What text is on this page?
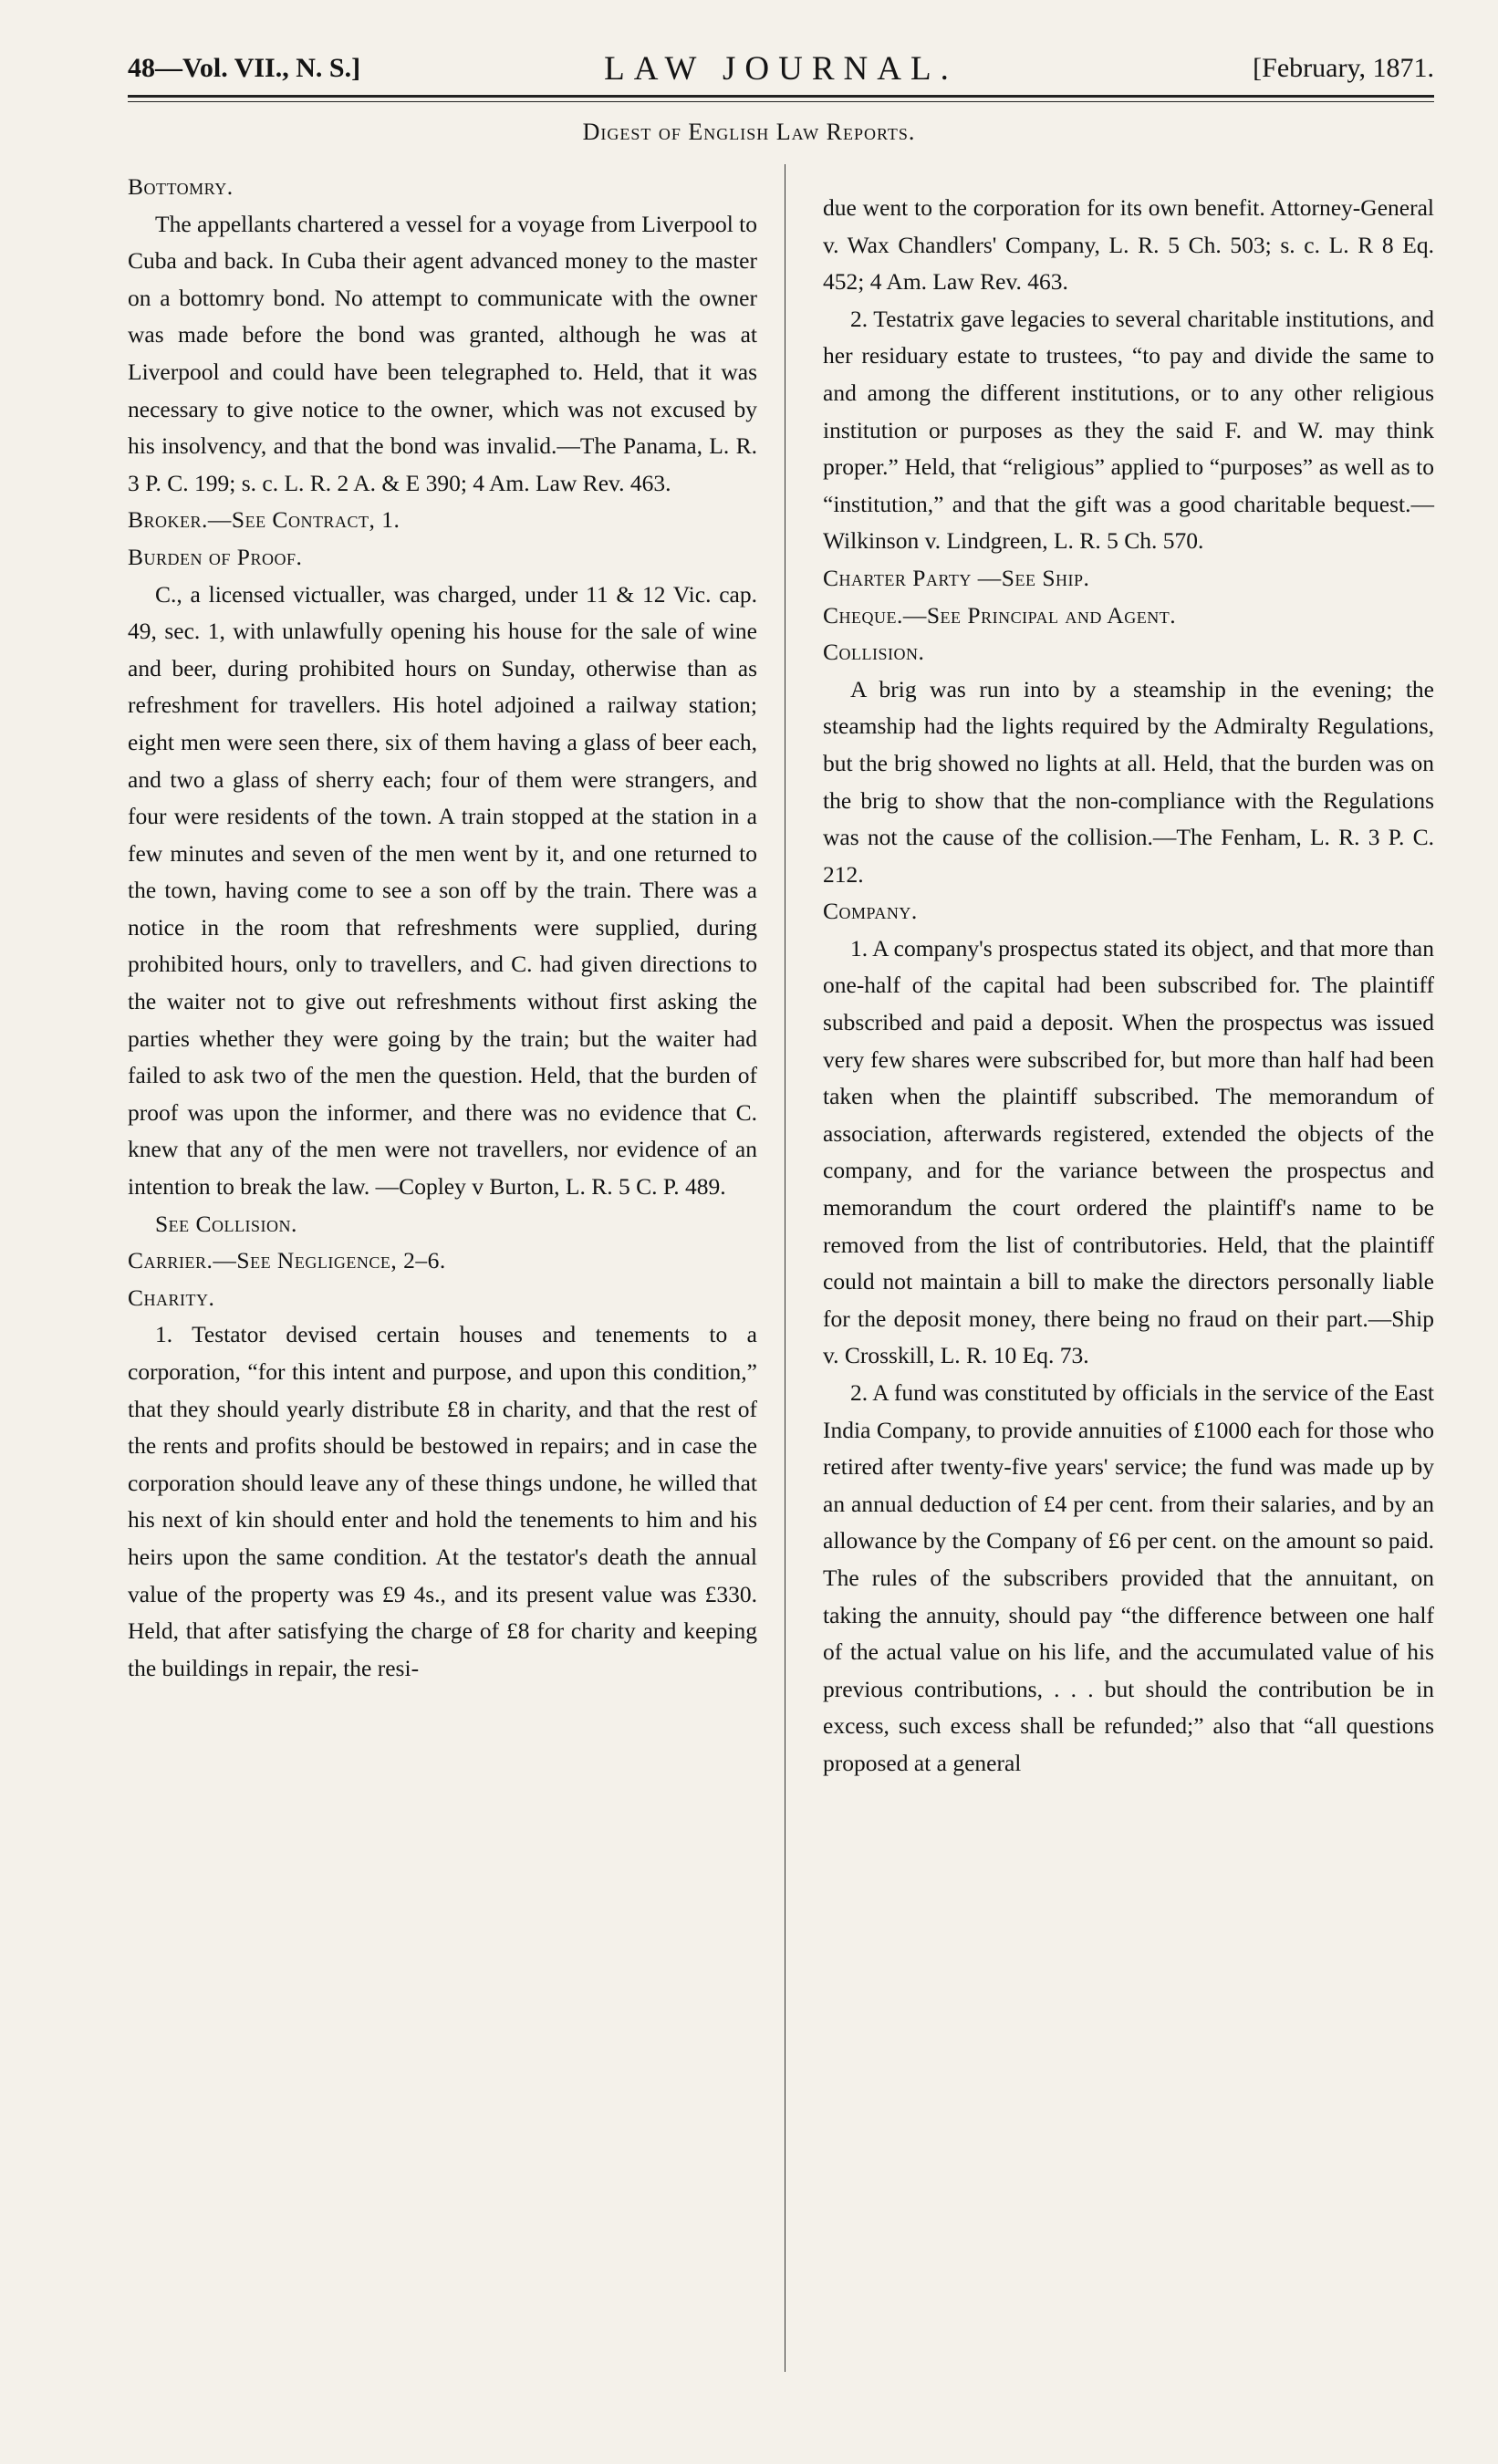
48—Vol. VII., N. S.]	LAW JOURNAL.	[February, 1871.
Digest of English Law Reports.

Bottomry.

The appellants chartered a vessel for a voyage from Liverpool to Cuba and back. In Cuba their agent advanced money to the master on a bottomry bond. No attempt to communicate with the owner was made before the bond was granted, although he was at Liverpool and could have been telegraphed to. Held, that it was necessary to give notice to the owner, which was not excused by his insolvency, and that the bond was invalid.—The Panama, L. R. 3 P. C. 199; s. c. L. R. 2 A. & E 390; 4 Am. Law Rev. 463.

Broker.—See Contract, 1.

Burden of Proof.

C., a licensed victualler, was charged, under 11 & 12 Vic. cap. 49, sec. 1, with unlawfully opening his house for the sale of wine and beer, during prohibited hours on Sunday, otherwise than as refreshment for travellers. His hotel adjoined a railway station; eight men were seen there, six of them having a glass of beer each, and two a glass of sherry each; four of them were strangers, and four were residents of the town. A train stopped at the station in a few minutes and seven of the men went by it, and one returned to the town, having come to see a son off by the train. There was a notice in the room that refreshments were supplied, during prohibited hours, only to travellers, and C. had given directions to the waiter not to give out refreshments without first asking the parties whether they were going by the train; but the waiter had failed to ask two of the men the question. Held, that the burden of proof was upon the informer, and there was no evidence that C. knew that any of the men were not travellers, nor evidence of an intention to break the law. —Copley v Burton, L. R. 5 C. P. 489.

See Collision.

Carrier.—See Negligence, 2–6.

Charity.

1. Testator devised certain houses and tenements to a corporation, “for this intent and purpose, and upon this condition,” that they should yearly distribute £8 in charity, and that the rest of the rents and profits should be bestowed in repairs; and in case the corporation should leave any of these things undone, he willed that his next of kin should enter and hold the tenements to him and his heirs upon the same condition. At the testator's death the annual value of the property was £9 4s., and its present value was £330. Held, that after satisfying the charge of £8 for charity and keeping the buildings in repair, the resi-

due went to the corporation for its own benefit. Attorney-General v. Wax Chandlers' Company, L. R. 5 Ch. 503; s. c. L. R 8 Eq. 452; 4 Am. Law Rev. 463.

2. Testatrix gave legacies to several charitable institutions, and her residuary estate to trustees, “to pay and divide the same to and among the different institutions, or to any other religious institution or purposes as they the said F. and W. may think proper.” Held, that “religious” applied to “purposes” as well as to “institution,” and that the gift was a good charitable bequest.—Wilkinson v. Lindgreen, L. R. 5 Ch. 570.

Charter Party —See Ship.

Cheque.—See Principal and Agent.

Collision.

A brig was run into by a steamship in the evening; the steamship had the lights required by the Admiralty Regulations, but the brig showed no lights at all. Held, that the burden was on the brig to show that the non-compliance with the Regulations was not the cause of the collision.—The Fenham, L. R. 3 P. C. 212.

Company.

1. A company's prospectus stated its object, and that more than one-half of the capital had been subscribed for. The plaintiff subscribed and paid a deposit. When the prospectus was issued very few shares were subscribed for, but more than half had been taken when the plaintiff subscribed. The memorandum of association, afterwards registered, extended the objects of the company, and for the variance between the prospectus and memorandum the court ordered the plaintiff's name to be removed from the list of contributories. Held, that the plaintiff could not maintain a bill to make the directors personally liable for the deposit money, there being no fraud on their part.—Ship v. Crosskill, L. R. 10 Eq. 73.

2. A fund was constituted by officials in the service of the East India Company, to provide annuities of £1000 each for those who retired after twenty-five years' service; the fund was made up by an annual deduction of £4 per cent. from their salaries, and by an allowance by the Company of £6 per cent. on the amount so paid. The rules of the subscribers provided that the annuitant, on taking the annuity, should pay “the difference between one half of the actual value on his life, and the accumulated value of his previous contributions, . . . but should the contribution be in excess, such excess shall be refunded;” also that “all questions proposed at a general
